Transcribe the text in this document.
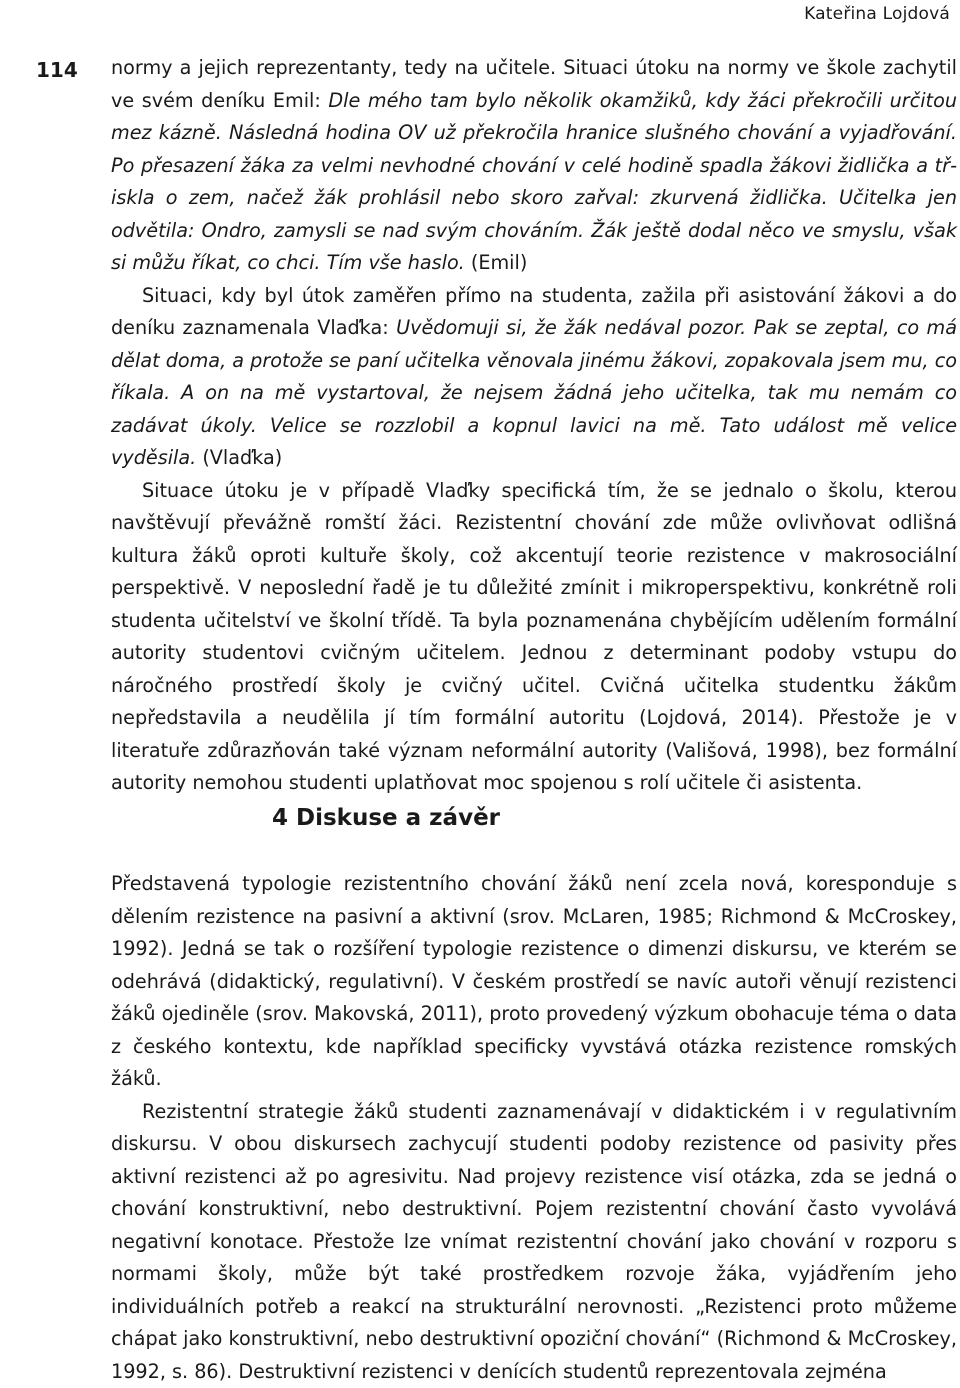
Kateřina Lojdová
114 normy a jejich reprezentanty, tedy na učitele. Situaci útoku na normy ve škole zachytil ve svém deníku Emil: Dle mého tam bylo několik okamžiků, kdy žáci překročili určitou mez kázně. Následná hodina OV už překročila hranice slušného chování a vyjadřování. Po přesazení žáka za velmi nevhodné chování v celé hodině spadla žákovi židlička a třiskla o zem, načež žák prohlásil nebo skoro zařval: zkurvená židlička. Učitelka jen odvětila: Ondro, zamysli se nad svým chováním. Žák ještě dodal něco ve smyslu, však si můžu říkat, co chci. Tím vše haslo. (Emil)

Situaci, kdy byl útok zaměřen přímo na studenta, zažila při asistování žákovi a do deníku zaznamenala Vlaďka: Uvědomuji si, že žák nedával pozor. Pak se zeptal, co má dělat doma, a protože se paní učitelka věnovala jinému žákovi, zopakovala jsem mu, co říkala. A on na mě vystartoval, že nejsem žádná jeho učitelka, tak mu nemám co zadávat úkoly. Velice se rozzlobil a kopnul lavici na mě. Tato událost mě velice vyděsila. (Vlaďka)

Situace útoku je v případě Vlaďky specifická tím, že se jednalo o školu, kterou navštěvují převážně romští žáci. Rezistentní chování zde může ovlivňovat odlišná kultura žáků oproti kultuře školy, což akcentují teorie rezistence v makrosociální perspektivě. V neposlední řadě je tu důležité zmínit i mikroperspektivu, konkrétně roli studenta učitelství ve školní třídě. Ta byla poznamenána chybějícím udělením formální autority studentovi cvičným učitelem. Jednou z determinant podoby vstupu do náročného prostředí školy je cvičný učitel. Cvičná učitelka studentku žákům nepředstavila a neudělila jí tím formální autoritu (Lojdová, 2014). Přestože je v literatuře zdůrazňován také význam neformální autority (Vališová, 1998), bez formální autority nemohou studenti uplatňovat moc spojenou s rolí učitele či asistenta.

4 Diskuse a závěr

Představená typologie rezistentního chování žáků není zcela nová, koresponduje s dělením rezistence na pasivní a aktivní (srov. McLaren, 1985; Richmond & McCroskey, 1992). Jedná se tak o rozšíření typologie rezistence o dimenzi diskursu, ve kterém se odehrává (didaktický, regulativní). V českém prostředí se navíc autoři věnují rezistenci žáků ojediněle (srov. Makovská, 2011), proto provedený výzkum obohacuje téma o data z českého kontextu, kde například specificky vyvstává otázka rezistence romských žáků.

Rezistentní strategie žáků studenti zaznamenávají v didaktickém i v regulativním diskursu. V obou diskursech zachycují studenti podoby rezistence od pasivity přes aktivní rezistenci až po agresivitu. Nad projevy rezistence visí otázka, zda se jedná o chování konstruktivní, nebo destruktivní. Pojem rezistentní chování často vyvolává negativní konotace. Přestože lze vnímat rezistentní chování jako chování v rozporu s normami školy, může být také prostředkem rozvoje žáka, vyjádřením jeho individuálních potřeb a reakcí na strukturální nerovnosti. „Rezistenci proto můžeme chápat jako konstruktivní, nebo destruktivní opoziční chování“ (Richmond & McCroskey, 1992, s. 86). Destruktivní rezistenci v denících studentů reprezentovala zejména
